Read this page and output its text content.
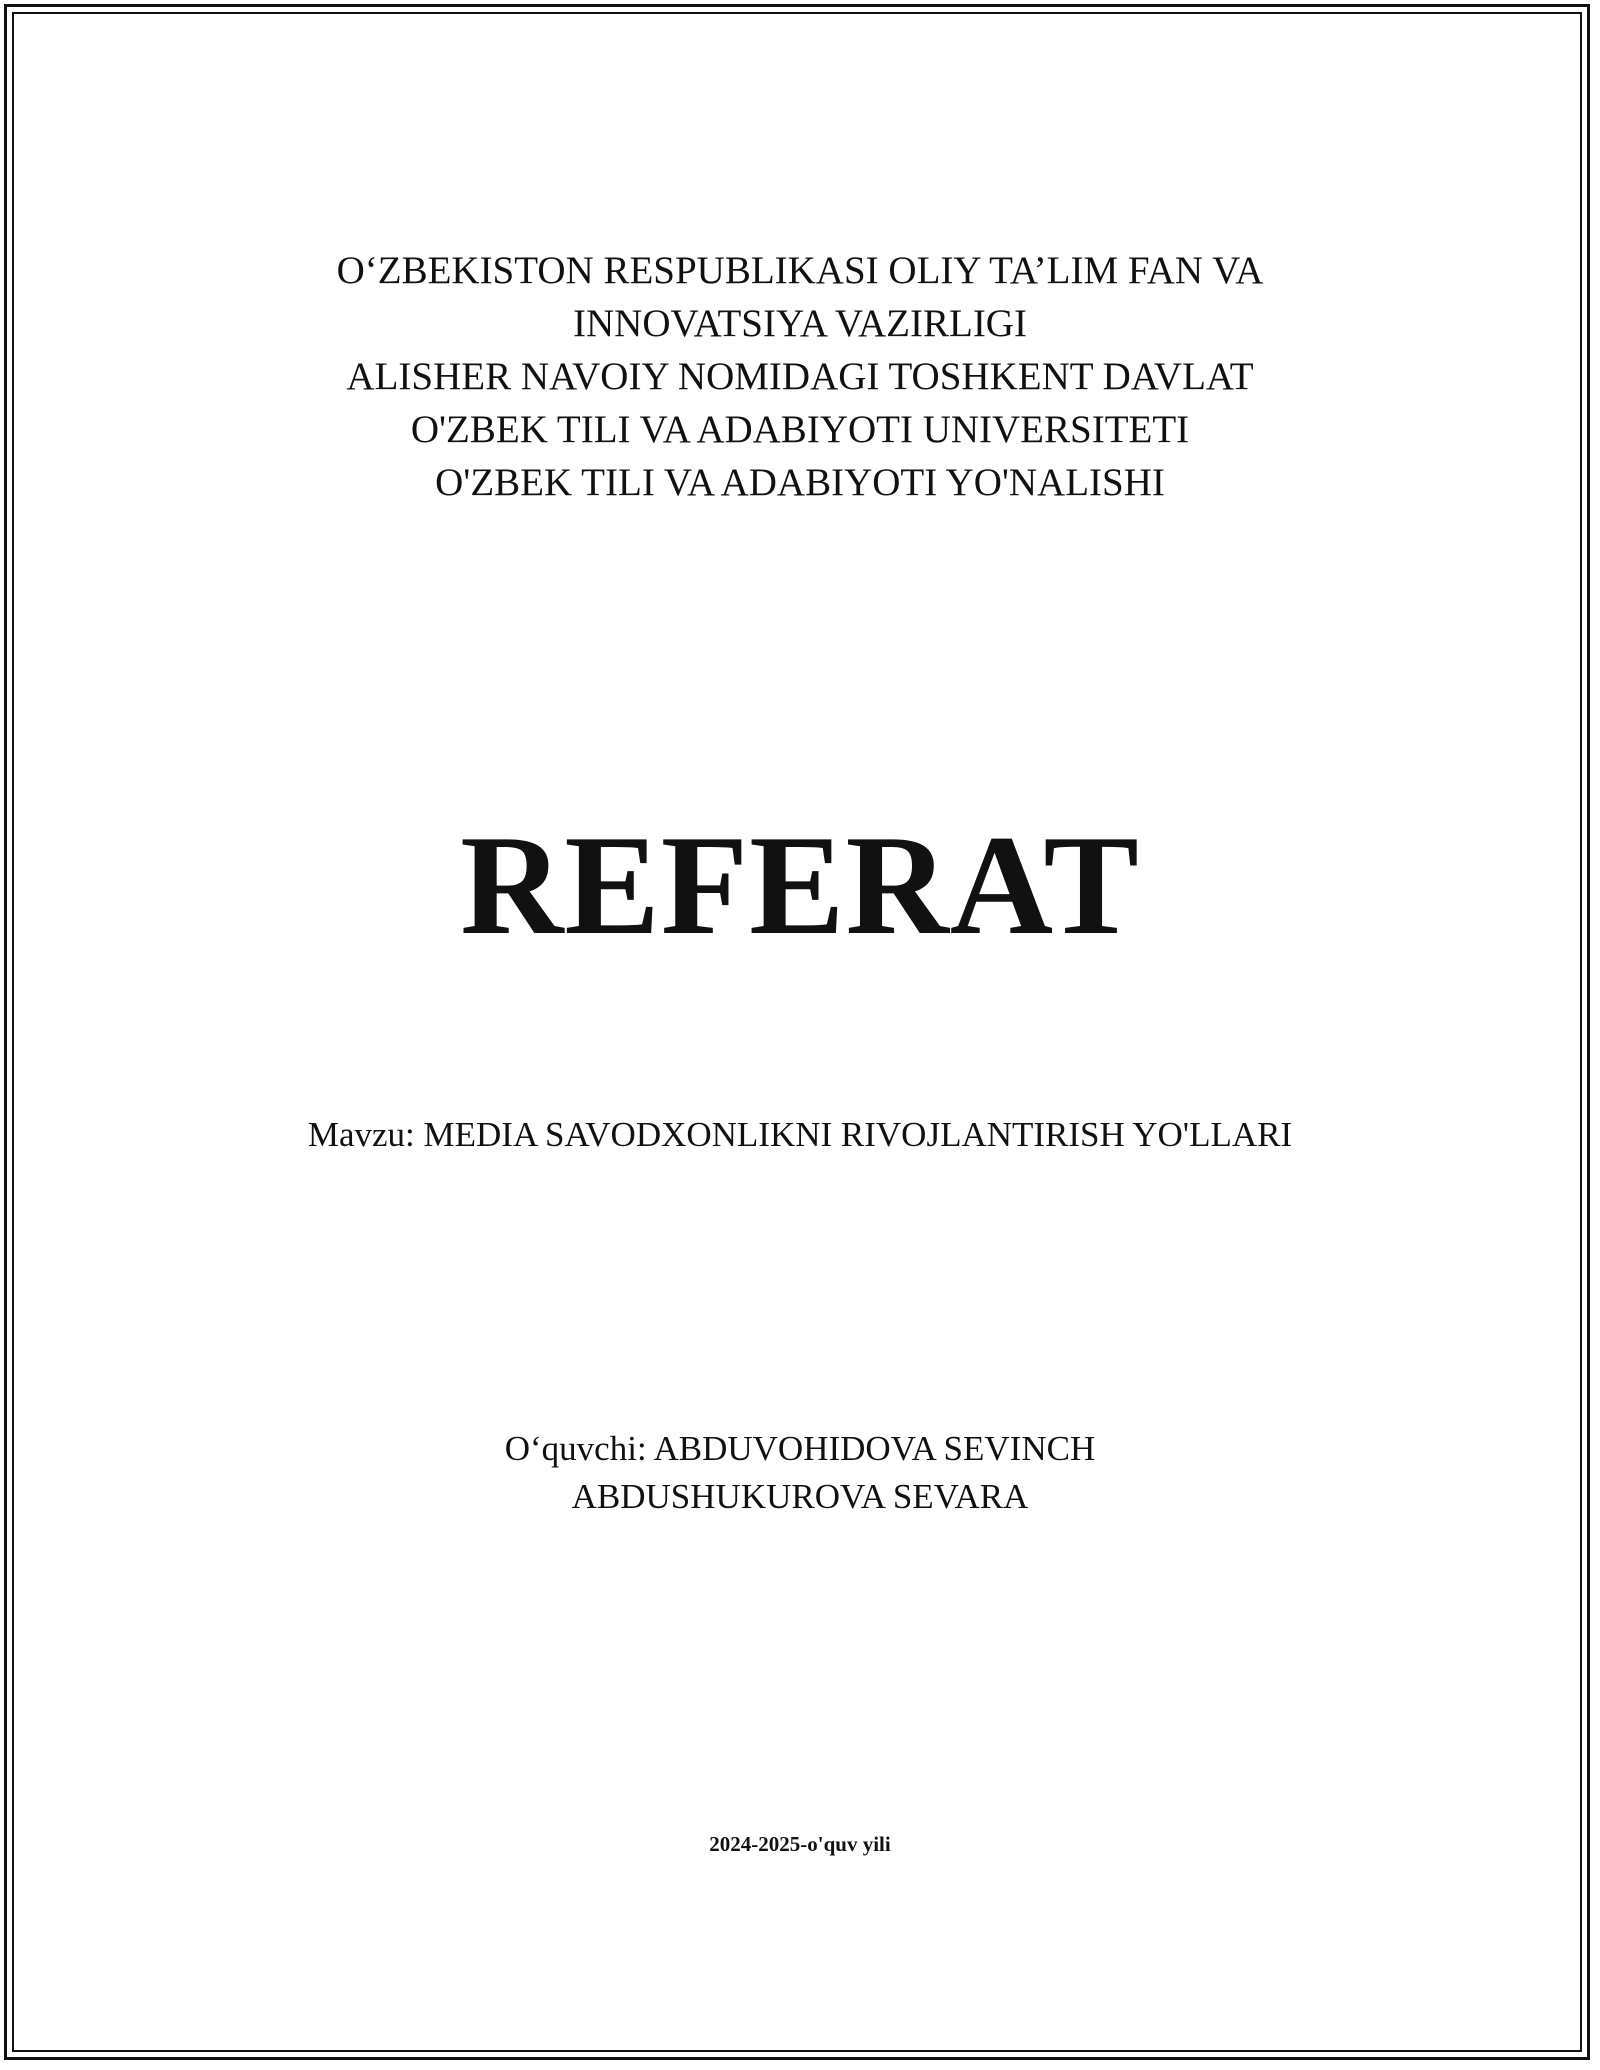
O‘ZBEKISTON RESPUBLIKASI OLIY TA’LIM FAN VA
INNOVATSIYA VAZIRLIGI
ALISHER NAVOIY NOMIDAGI TOSHKENT DAVLAT
O'ZBEK TILI VA ADABIYOTI UNIVERSITETI
O'ZBEK TILI VA ADABIYOTI YO'NALISHI
REFERAT
Mavzu: MEDIA SAVODXONLIKNI RIVOJLANTIRISH YO'LLARI
O‘quvchi: ABDUVOHIDOVA SEVINCH
ABDUSHUKUROVA SEVARA
2024-2025-o'quv yili
